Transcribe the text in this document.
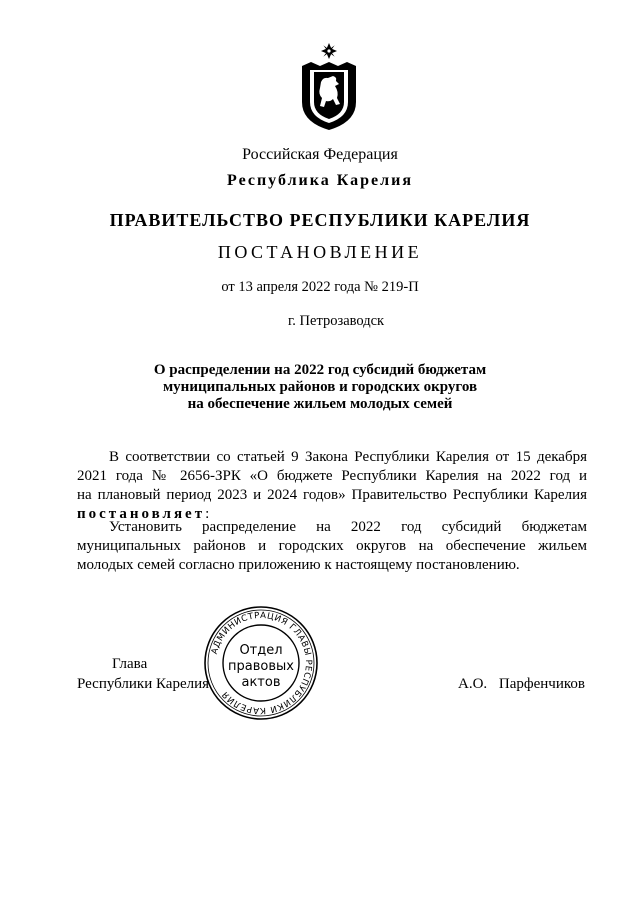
Российская Федерация
Республика Карелия
ПРАВИТЕЛЬСТВО РЕСПУБЛИКИ КАРЕЛИЯ
ПОСТАНОВЛЕНИЕ
от 13 апреля 2022 года № 219-П
г. Петрозаводск
О распределении на 2022 год субсидий бюджетам
муниципальных районов и городских округов
на обеспечение жильем молодых семей
В соответствии со статьей 9 Закона Республики Карелия от 15 декабря
2021 года № 2656-ЗРК «О бюджете Республики Карелия на 2022 год и
на плановый период 2023 и 2024 годов» Правительство Республики Карелия
постановляет:
Установить распределение на 2022 год субсидий бюджетам
муниципальных районов и городских округов на обеспечение жильем
молодых семей согласно приложению к настоящему постановлению.
Глава
Республики Карелия	А.О. Парфенчиков
АДМИНИСТРАЦИЯ ГЛАВЫ РЕСПУБЛИКИ КАРЕЛИЯ
Отдел
правовых
актов
